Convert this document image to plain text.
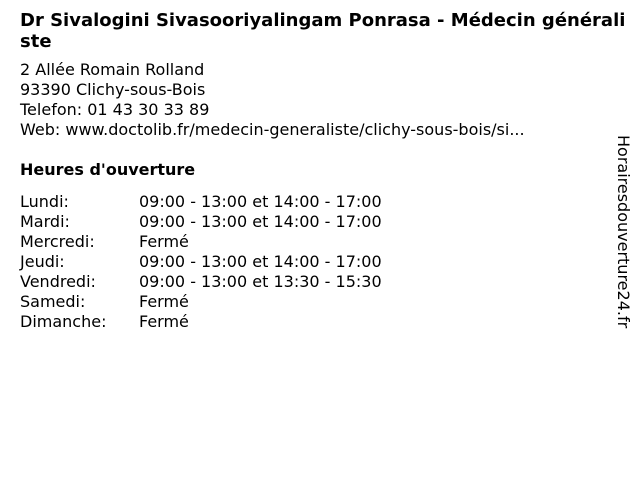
Dr Sivalogini Sivasooriyalingam Ponrasa - Médecin généraliste
2 Allée Romain Rolland
93390 Clichy-sous-Bois
Telefon: 01 43 30 33 89
Web: www.doctolib.fr/medecin-generaliste/clichy-sous-bois/si...
Heures d'ouverture
Lundi:	09:00 - 13:00 et 14:00 - 17:00
Mardi:	09:00 - 13:00 et 14:00 - 17:00
Mercredi:	Fermé
Jeudi:	09:00 - 13:00 et 14:00 - 17:00
Vendredi:	09:00 - 13:00 et 13:30 - 15:30
Samedi:	Fermé
Dimanche:	Fermé	Horairesdouverture24.fr
